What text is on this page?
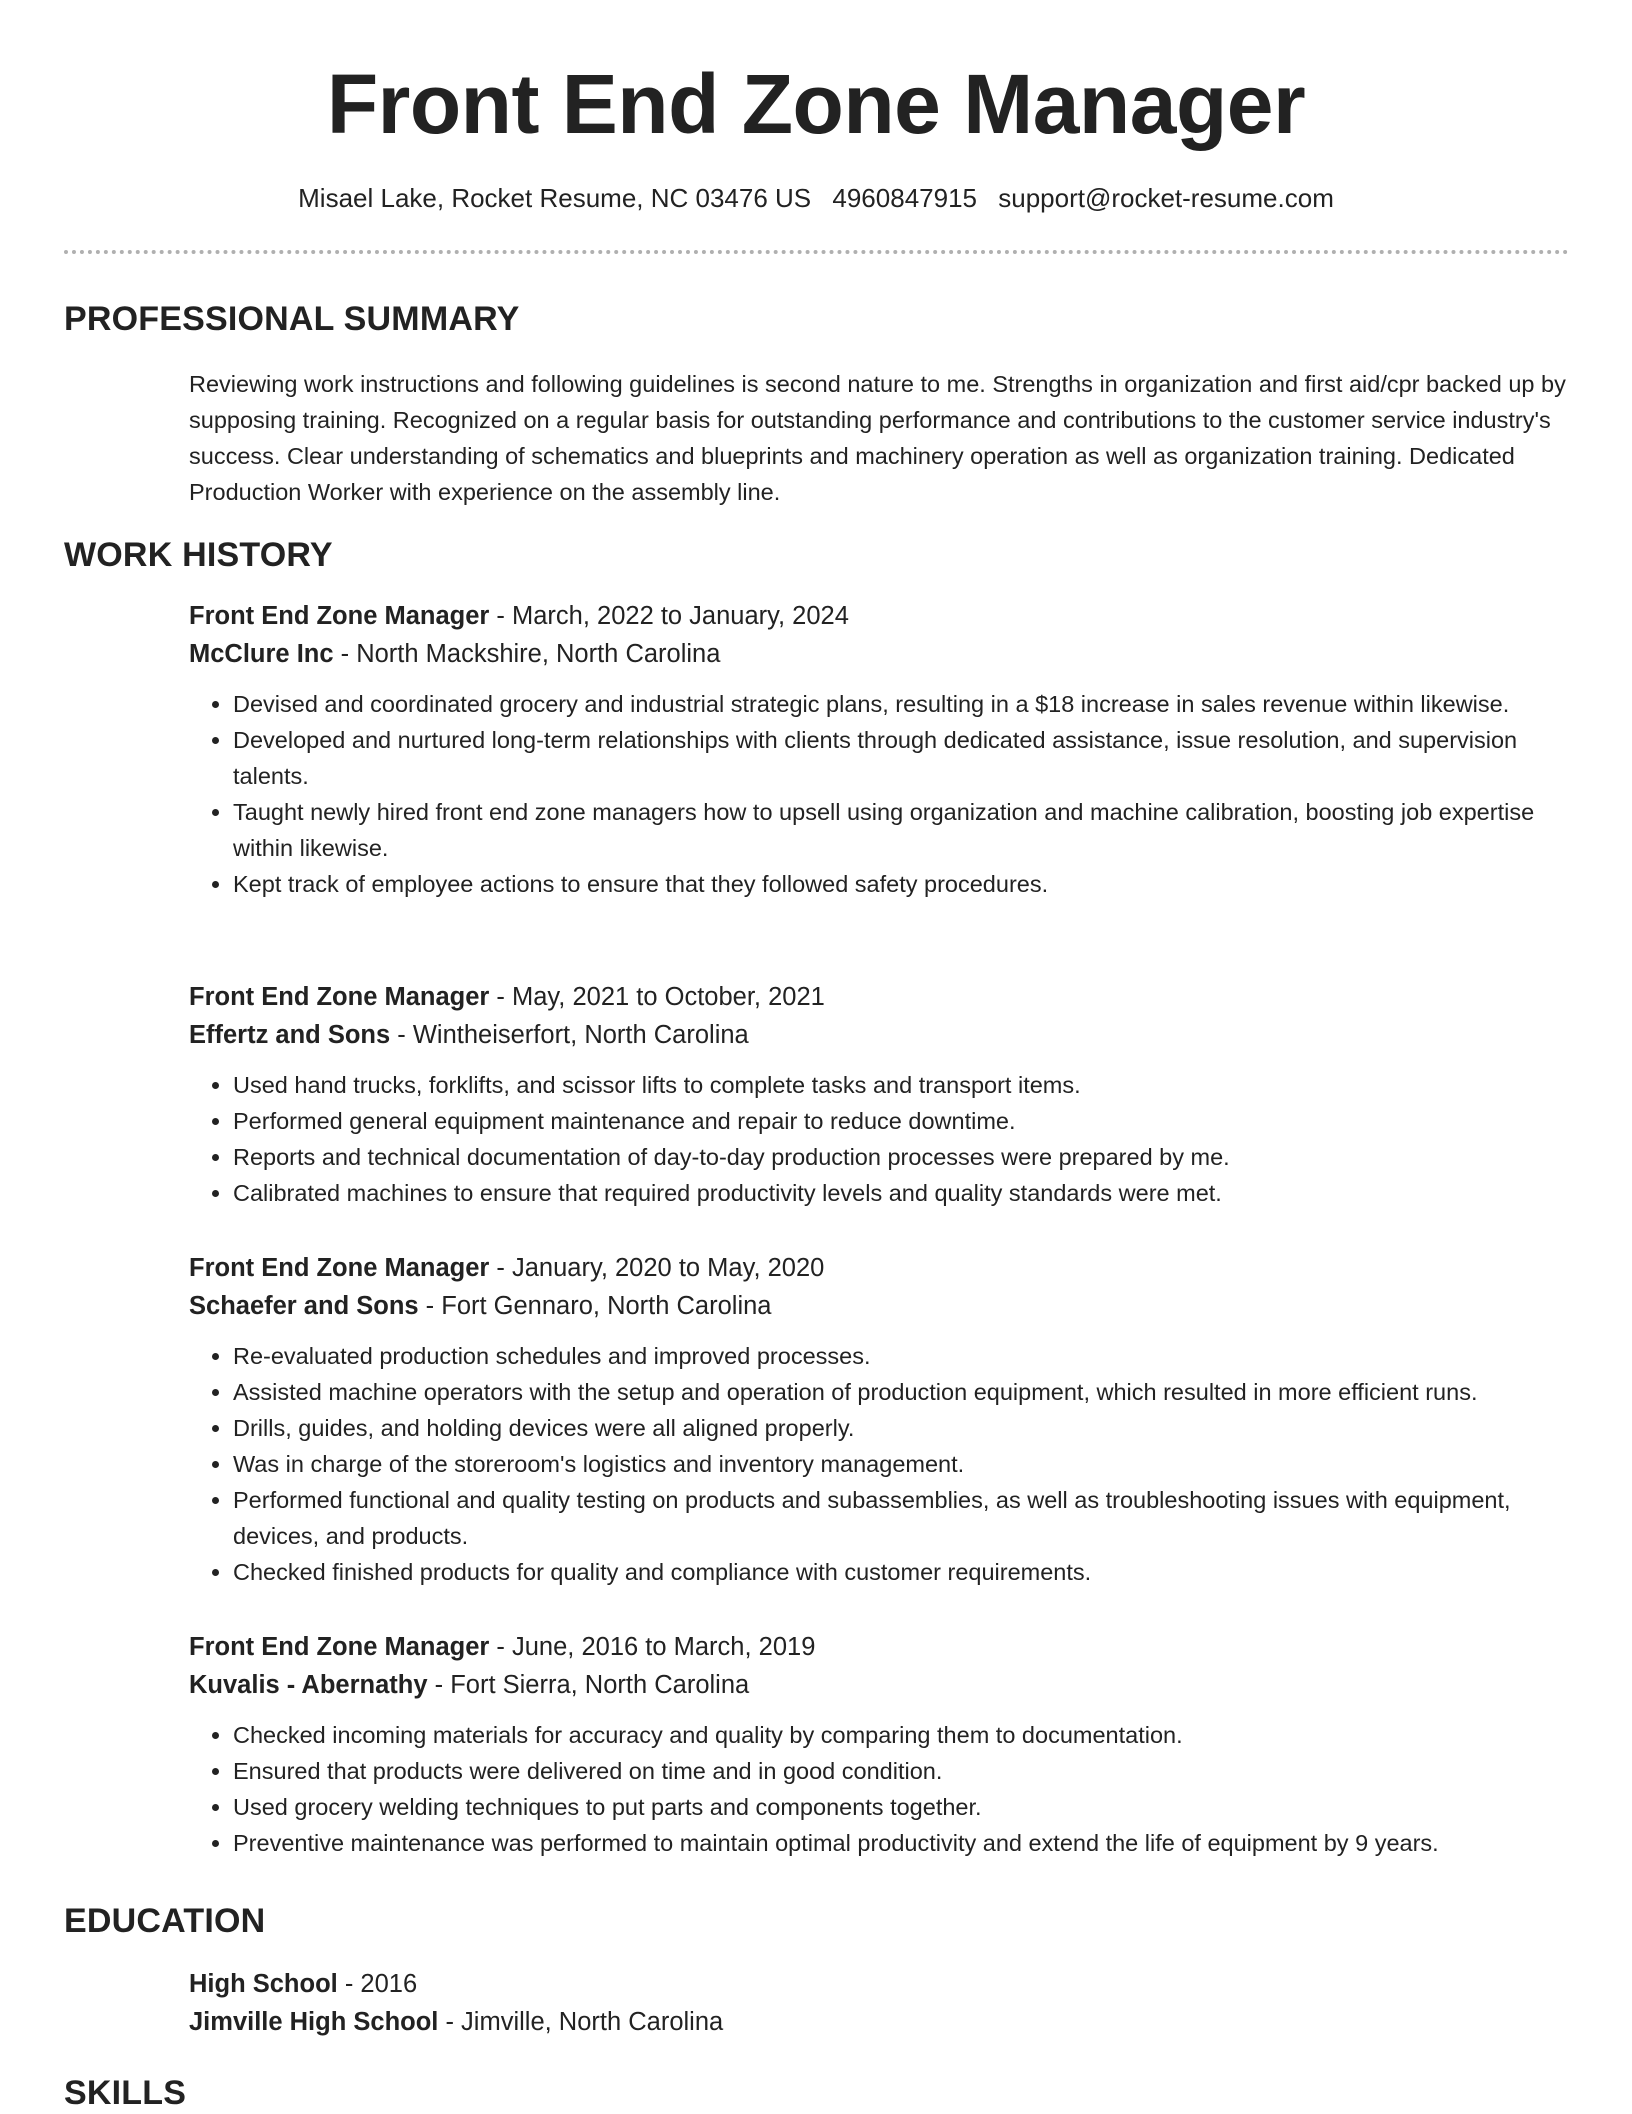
Front End Zone Manager
Misael Lake, Rocket Resume, NC 03476 US 4960847915 support@rocket-resume.com
PROFESSIONAL SUMMARY

Reviewing work instructions and following guidelines is second nature to me. Strengths in organization and first aid/cpr backed up by supposing training. Recognized on a regular basis for outstanding performance and contributions to the customer service industry's success. Clear understanding of schematics and blueprints and machinery operation as well as organization training. Dedicated Production Worker with experience on the assembly line.

WORK HISTORY
Front End Zone Manager - March, 2022 to January, 2024
McClure Inc - North Mackshire, North Carolina
• Devised and coordinated grocery and industrial strategic plans, resulting in a $18 increase in sales revenue within likewise.
• Developed and nurtured long-term relationships with clients through dedicated assistance, issue resolution, and supervision talents.
• Taught newly hired front end zone managers how to upsell using organization and machine calibration, boosting job expertise within likewise.
• Kept track of employee actions to ensure that they followed safety procedures.
Front End Zone Manager - May, 2021 to October, 2021
Effertz and Sons - Wintheiserfort, North Carolina
• Used hand trucks, forklifts, and scissor lifts to complete tasks and transport items.
• Performed general equipment maintenance and repair to reduce downtime.
• Reports and technical documentation of day-to-day production processes were prepared by me.
• Calibrated machines to ensure that required productivity levels and quality standards were met.
Front End Zone Manager - January, 2020 to May, 2020
Schaefer and Sons - Fort Gennaro, North Carolina
• Re-evaluated production schedules and improved processes.
• Assisted machine operators with the setup and operation of production equipment, which resulted in more efficient runs.
• Drills, guides, and holding devices were all aligned properly.
• Was in charge of the storeroom's logistics and inventory management.
• Performed functional and quality testing on products and subassemblies, as well as troubleshooting issues with equipment, devices, and products.
• Checked finished products for quality and compliance with customer requirements.
Front End Zone Manager - June, 2016 to March, 2019
Kuvalis - Abernathy - Fort Sierra, North Carolina
• Checked incoming materials for accuracy and quality by comparing them to documentation.
• Ensured that products were delivered on time and in good condition.
• Used grocery welding techniques to put parts and components together.
• Preventive maintenance was performed to maintain optimal productivity and extend the life of equipment by 9 years.
EDUCATION
High School - 2016
Jimville High School - Jimville, North Carolina
SKILLS
